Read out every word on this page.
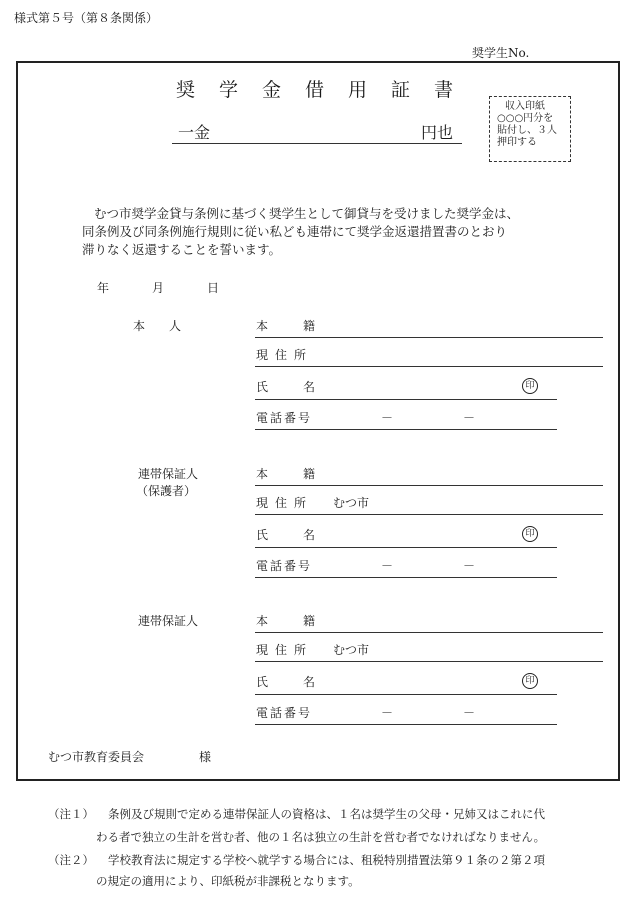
様式第５号（第８条関係）
奨学生No.
奨 学 金 借 用 証 書
一金	円也
収入印紙
○○○円分を
貼付し、３人
押印する
むつ市奨学金貸与条例に基づく奨学生として御貸与を受けました奨学金は、
同条例及び同条例施行規則に従い私ども連帯にて奨学金返還措置書のとおり
滞りなく返還することを誓います。
年	月	日
本　　人	本	籍
現住所
氏	名	印
電話番号	－	－
連帯保証人
（保護者）
本	籍
現住所 むつ市
氏	名	印
電話番号	－	－
連帯保証人	本	籍
現住所 むつ市
氏	名	印
電話番号	－	－
むつ市教育委員会	様
（注１） 条例及び規則で定める連帯保証人の資格は、１名は奨学生の父母・兄姉又はこれに代
わる者で独立の生計を営む者、他の１名は独立の生計を営む者でなければなりません。
（注２） 学校教育法に規定する学校へ就学する場合には、租税特別措置法第９１条の２第２項
の規定の適用により、印紙税が非課税となります。
